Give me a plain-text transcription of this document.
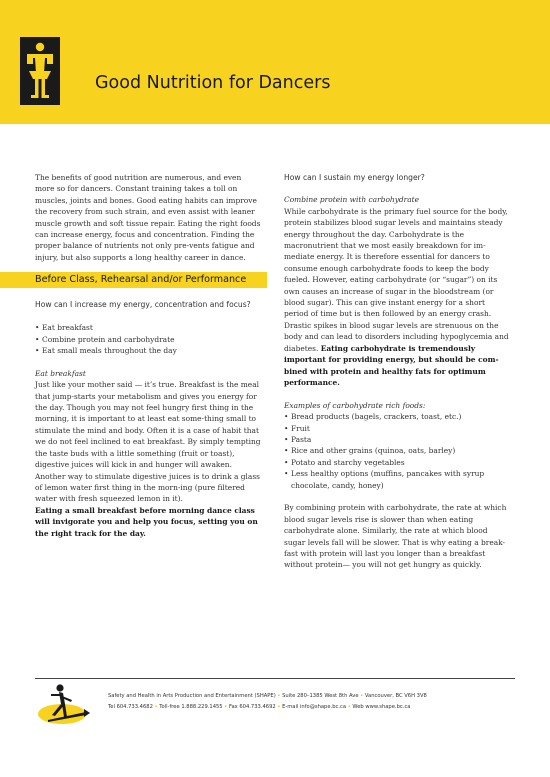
Good Nutrition for Dancers

The benefits of good nutrition are numerous, and even more so for dancers. Constant training takes a toll on muscles, joints and bones. Good eating habits can improve the recovery from such strain, and even assist with leaner muscle growth and soft tissue repair. Eating the right foods can increase energy, focus and concentration. Finding the proper balance of nutrients not only pre-vents fatigue and injury, but also supports a long healthy career in dance.

Before Class, Rehearsal and/or Performance

How can I increase my energy, concentration and focus?

• Eat breakfast
• Combine protein and carbohydrate
• Eat small meals throughout the day

Eat breakfast

Just like your mother said — it’s true. Breakfast is the meal that jump-starts your metabolism and gives you energy for the day. Though you may not feel hungry first thing in the morning, it is important to at least eat some-thing small to stimulate the mind and body. Often it is a case of habit that we do not feel inclined to eat breakfast. By simply tempting the taste buds with a little something (fruit or toast), digestive juices will kick in and hunger will awaken. Another way to stimulate digestive juices is to drink a glass of lemon water first thing in the morn-ing (pure filtered water with fresh squeezed lemon in it).

Eating a small breakfast before morning dance class will invigorate you and help you focus, setting you on the right track for the day.

How can I sustain my energy longer?

Combine protein with carbohydrate

While carbohydrate is the primary fuel source for the body, protein stabilizes blood sugar levels and maintains steady energy throughout the day. Carbohydrate is the macronutrient that we most easily breakdown for im-mediate energy. It is therefore essential for dancers to consume enough carbohydrate foods to keep the body fueled. However, eating carbohydrate (or “sugar”) on its own causes an increase of sugar in the bloodstream (or blood sugar). This can give instant energy for a short period of time but is then followed by an energy crash. Drastic spikes in blood sugar levels are strenuous on the body and can lead to disorders including hypoglycemia and diabetes. Eating carbohydrate is tremendously important for providing energy, but should be com-bined with protein and healthy fats for optimum performance.

Examples of carbohydrate rich foods:

• Bread products (bagels, crackers, toast, etc.)
• Fruit
• Pasta
• Rice and other grains (quinoa, oats, barley)
• Potato and starchy vegetables
• Less healthy options (muffins, pancakes with syrup chocolate, candy, honey)

By combining protein with carbohydrate, the rate at which blood sugar levels rise is slower than when eating carbohydrate alone. Similarly, the rate at which blood sugar levels fall will be slower. That is why eating a break-fast with protein will last you longer than a breakfast without protein— you will not get hungry as quickly.

Safety and Health in Arts Production and Entertainment (SHAPE) • Suite 280–1385 West 8th Ave • Vancouver, BC V6H 3V8
Tel 604.733.4682 • Toll-free 1.888.229.1455 • Fax 604.733.4692 • E-mail info@shape.bc.ca • Web www.shape.bc.ca
